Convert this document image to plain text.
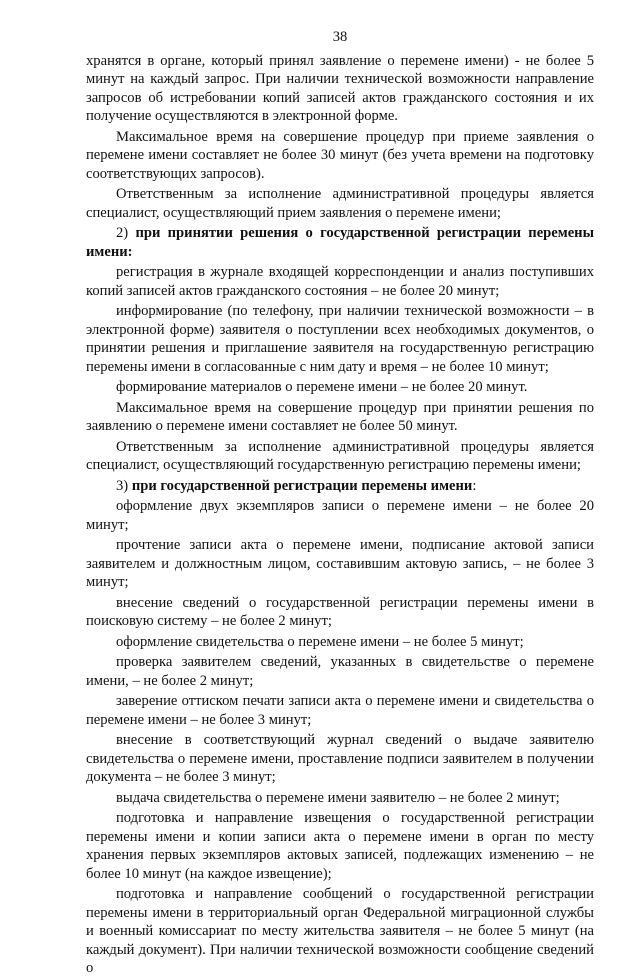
38

хранятся в органе, который принял заявление о перемене имени) - не более 5 минут на каждый запрос. При наличии технической возможности направление запросов об истребовании копий записей актов гражданского состояния и их получение осуществляются в электронной форме.

Максимальное время на совершение процедур при приеме заявления о перемене имени составляет не более 30 минут (без учета времени на подготовку соответствующих запросов).

Ответственным за исполнение административной процедуры является специалист, осуществляющий прием заявления о перемене имени;

2) при принятии решения о государственной регистрации перемены имени:

регистрация в журнале входящей корреспонденции и анализ поступивших копий записей актов гражданского состояния – не более 20 минут;

информирование (по телефону, при наличии технической возможности – в электронной форме) заявителя о поступлении всех необходимых документов, о принятии решения и приглашение заявителя на государственную регистрацию перемены имени в согласованные с ним дату и время – не более 10 минут;

формирование материалов о перемене имени – не более 20 минут.

Максимальное время на совершение процедур при принятии решения по заявлению о перемене имени составляет не более 50 минут.

Ответственным за исполнение административной процедуры является специалист, осуществляющий государственную регистрацию перемены имени;

3) при государственной регистрации перемены имени:

оформление двух экземпляров записи о перемене имени – не более 20 минут;

прочтение записи акта о перемене имени, подписание актовой записи заявителем и должностным лицом, составившим актовую запись, – не более 3 минут;

внесение сведений о государственной регистрации перемены имени в поисковую систему – не более 2 минут;

оформление свидетельства о перемене имени – не более 5 минут;

проверка заявителем сведений, указанных в свидетельстве о перемене имени, – не более 2 минут;

заверение оттиском печати записи акта о перемене имени и свидетельства о перемене имени – не более 3 минут;

внесение в соответствующий журнал сведений о выдаче заявителю свидетельства о перемене имени, проставление подписи заявителем в получении документа – не более 3 минут;

выдача свидетельства о перемене имени заявителю – не более 2 минут;

подготовка и направление извещения о государственной регистрации перемены имени и копии записи акта о перемене имени в орган по месту хранения первых экземпляров актовых записей, подлежащих изменению – не более 10 минут (на каждое извещение);

подготовка и направление сообщений о государственной регистрации перемены имени в территориальный орган Федеральной миграционной службы и военный комиссариат по месту жительства заявителя – не более 5 минут (на каждый документ). При наличии технической возможности сообщение сведений о
